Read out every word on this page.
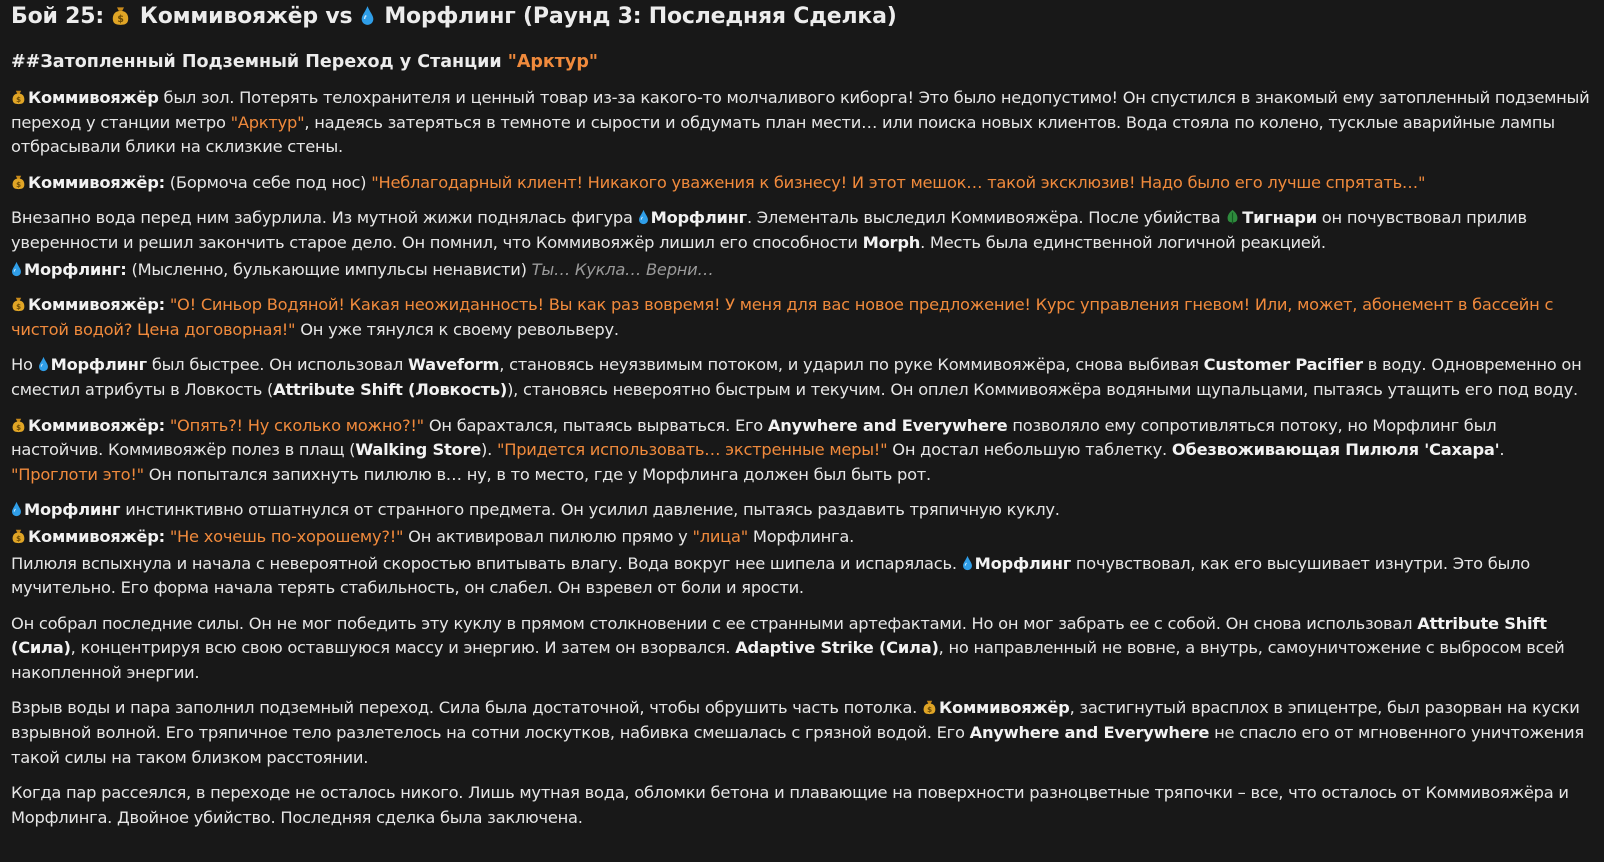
Бой 25:  Коммивояжёр vs  Морфлинг (Раунд 3: Последняя Сделка)
##Затопленный Подземный Переход у Станции "Арктур"

Коммивояжёр был зол. Потерять телохранителя и ценный товар из-за какого-то молчаливого киборга! Это было недопустимо! Он спустился в знакомый ему затопленный подземный переход у станции метро "Арктур", надеясь затеряться в темноте и сырости и обдумать план мести… или поиска новых клиентов. Вода стояла по колено, тусклые аварийные лампы отбрасывали блики на склизкие стены.

Коммивояжёр: (Бормоча себе под нос) "Неблагодарный клиент! Никакого уважения к бизнесу! И этот мешок… такой эксклюзив! Надо было его лучше спрятать…"

Внезапно вода перед ним забурлила. Из мутной жижи поднялась фигура Морфлинг. Элементаль выследил Коммивояжёра. После убийства Тигнари он почувствовал прилив уверенности и решил закончить старое дело. Он помнил, что Коммивояжёр лишил его способности Morph. Месть была единственной логичной реакцией.

Морфлинг: (Мысленно, булькающие импульсы ненависти) Ты… Кукла… Верни…

Коммивояжёр: "О! Синьор Водяной! Какая неожиданность! Вы как раз вовремя! У меня для вас новое предложение! Курс управления гневом! Или, может, абонемент в бассейн с чистой водой? Цена договорная!" Он уже тянулся к своему револьверу.

Но Морфлинг был быстрее. Он использовал Waveform, становясь неуязвимым потоком, и ударил по руке Коммивояжёра, снова выбивая Customer Pacifier в воду. Одновременно он сместил атрибуты в Ловкость (Attribute Shift (Ловкость)), становясь невероятно быстрым и текучим. Он оплел Коммивояжёра водяными щупальцами, пытаясь утащить его под воду.

Коммивояжёр: "Опять?! Ну сколько можно?!" Он барахтался, пытаясь вырваться. Его Anywhere and Everywhere позволяло ему сопротивляться потоку, но Морфлинг был настойчив. Коммивояжёр полез в плащ (Walking Store). "Придется использовать… экстренные меры!" Он достал небольшую таблетку. Обезвоживающая Пилюля 'Сахара'. "Проглоти это!" Он попытался запихнуть пилюлю в… ну, в то место, где у Морфлинга должен был быть рот.

Морфлинг инстинктивно отшатнулся от странного предмета. Он усилил давление, пытаясь раздавить тряпичную куклу.

Коммивояжёр: "Не хочешь по-хорошему?!" Он активировал пилюлю прямо у "лица" Морфлинга.

Пилюля вспыхнула и начала с невероятной скоростью впитывать влагу. Вода вокруг нее шипела и испарялась. Морфлинг почувствовал, как его высушивает изнутри. Это было мучительно. Его форма начала терять стабильность, он слабел. Он взревел от боли и ярости.

Он собрал последние силы. Он не мог победить эту куклу в прямом столкновении с ее странными артефактами. Но он мог забрать ее с собой. Он снова использовал Attribute Shift (Сила), концентрируя всю свою оставшуюся массу и энергию. И затем он взорвался. Adaptive Strike (Сила), но направленный не вовне, а внутрь, самоуничтожение с выбросом всей накопленной энергии.

Взрыв воды и пара заполнил подземный переход. Сила была достаточной, чтобы обрушить часть потолка. Коммивояжёр, застигнутый врасплох в эпицентре, был разорван на куски взрывной волной. Его тряпичное тело разлетелось на сотни лоскутков, набивка смешалась с грязной водой. Его Anywhere and Everywhere не спасло его от мгновенного уничтожения такой силы на таком близком расстоянии.

Когда пар рассеялся, в переходе не осталось никого. Лишь мутная вода, обломки бетона и плавающие на поверхности разноцветные тряпочки – все, что осталось от Коммивояжёра и Морфлинга. Двойное убийство. Последняя сделка была заключена.
